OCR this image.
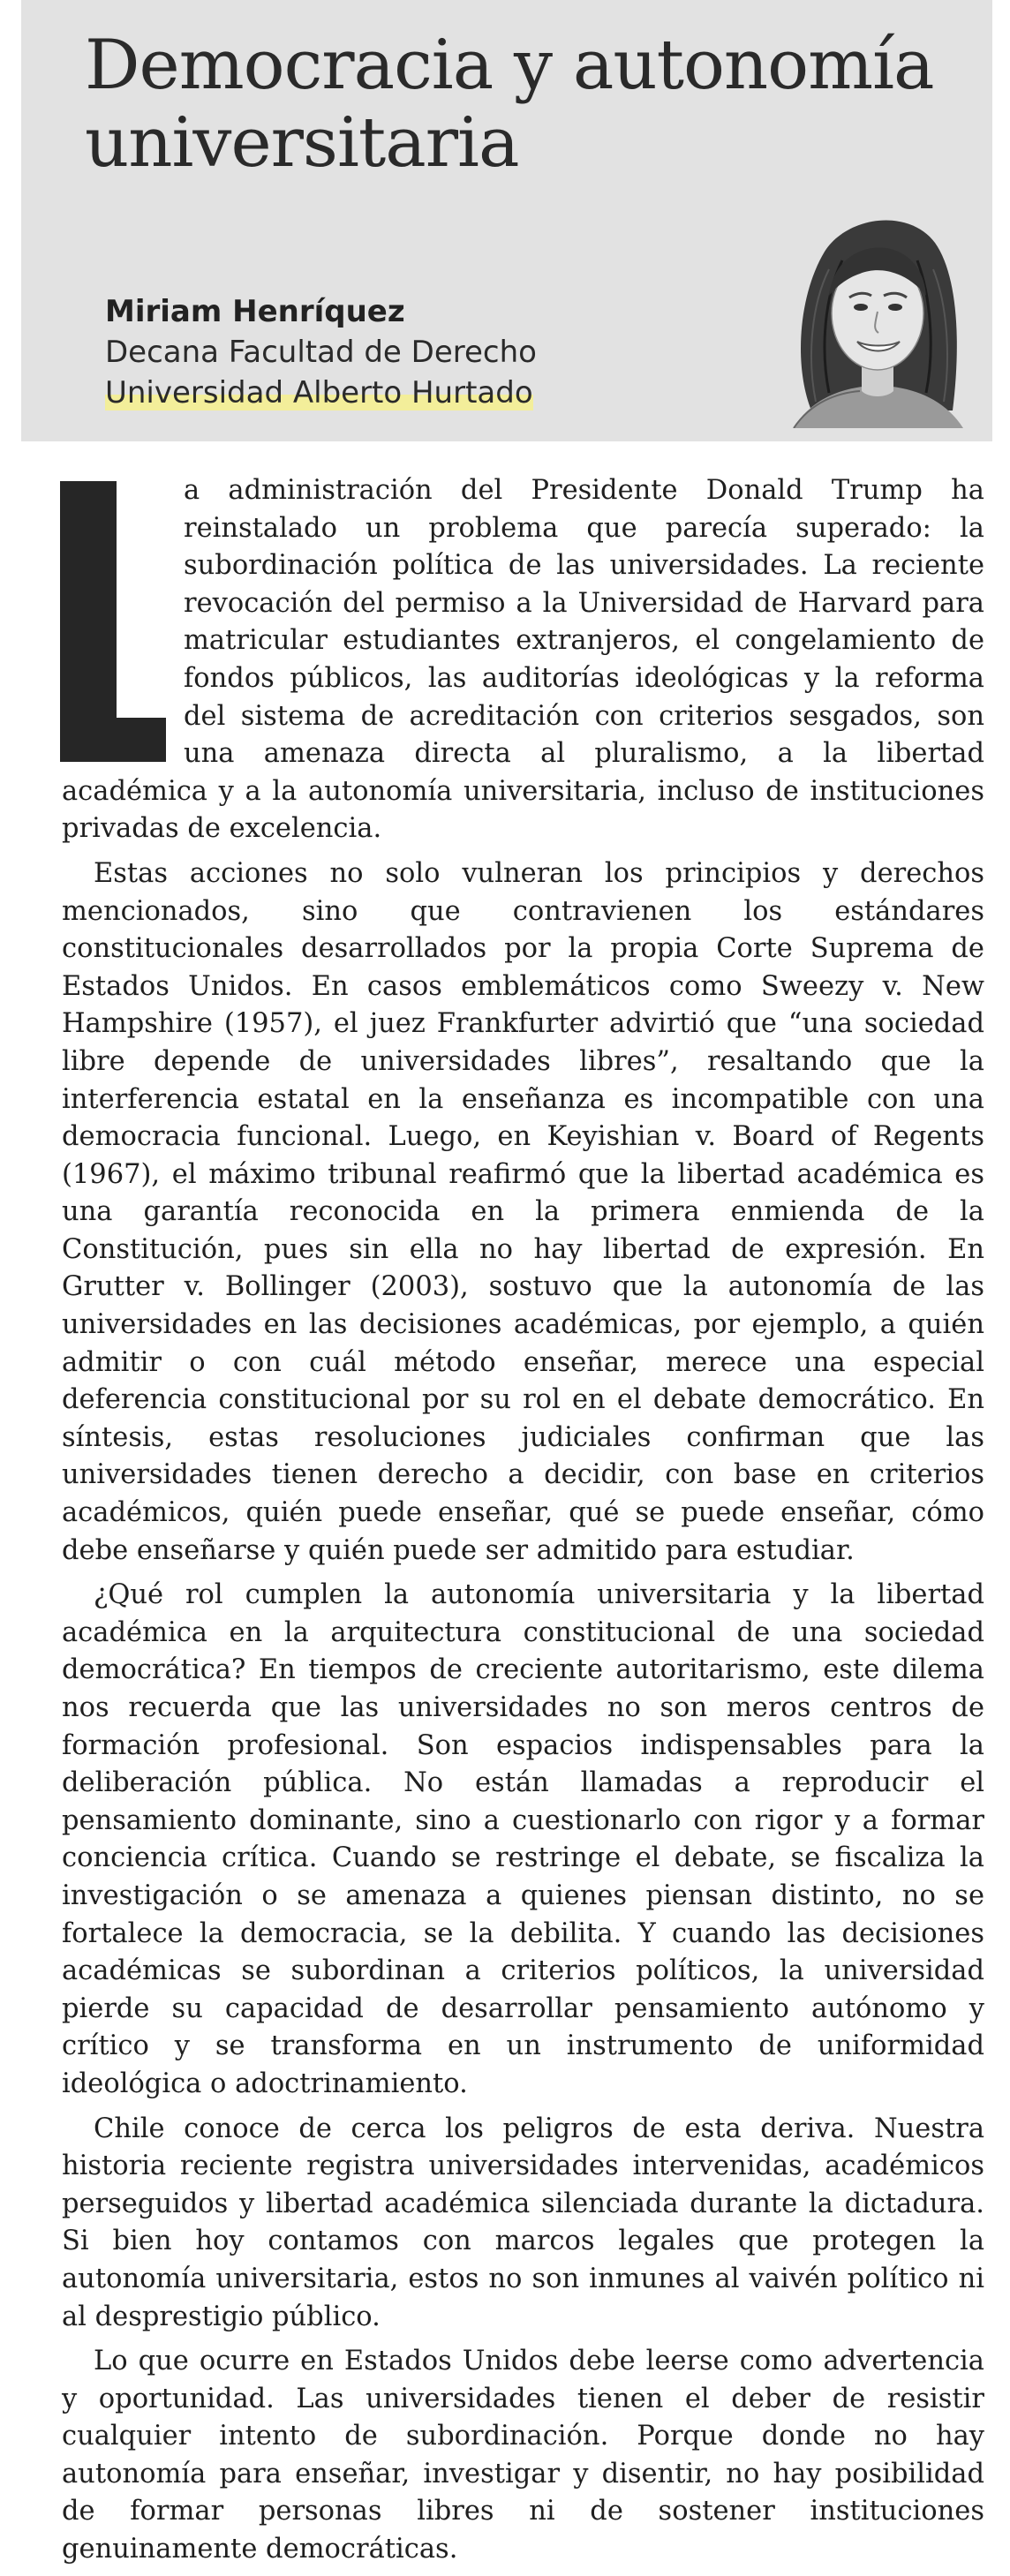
Democracia y autonomía
universitaria
Miriam Henríquez
Decana Facultad de Derecho
Universidad Alberto Hurtado

a administración del Presidente Donald Trump ha reinstalado un problema que parecía superado: la subordinación política de las universidades. La reciente revocación del permiso a la Universidad de Harvard para matricular estudiantes extranjeros, el congelamiento de fondos públicos, las auditorías ideológicas y la reforma del sistema de acreditación con criterios sesgados, son una amenaza directa al pluralismo, a la libertad académica y a la autonomía universitaria, incluso de instituciones privadas de excelencia.

Estas acciones no solo vulneran los principios y derechos mencionados, sino que contravienen los estándares constitucionales desarrollados por la propia Corte Suprema de Estados Unidos. En casos emblemáticos como Sweezy v. New Hampshire (1957), el juez Frankfurter advirtió que “una sociedad libre depende de universidades libres”, resaltando que la interferencia estatal en la enseñanza es incompatible con una democracia funcional. Luego, en Keyishian v. Board of Regents (1967), el máximo tribunal reafirmó que la libertad académica es una garantía reconocida en la primera enmienda de la Constitución, pues sin ella no hay libertad de expresión. En Grutter v. Bollinger (2003), sostuvo que la autonomía de las universidades en las decisiones académicas, por ejemplo, a quién admitir o con cuál método enseñar, merece una especial deferencia constitucional por su rol en el debate democrático. En síntesis, estas resoluciones judiciales confirman que las universidades tienen derecho a decidir, con base en criterios académicos, quién puede enseñar, qué se puede enseñar, cómo debe enseñarse y quién puede ser admitido para estudiar.

¿Qué rol cumplen la autonomía universitaria y la libertad académica en la arquitectura constitucional de una sociedad democrática? En tiempos de creciente autoritarismo, este dilema nos recuerda que las universidades no son meros centros de formación profesional. Son espacios indispensables para la deliberación pública. No están llamadas a reproducir el pensamiento dominante, sino a cuestionarlo con rigor y a formar conciencia crítica. Cuando se restringe el debate, se fiscaliza la investigación o se amenaza a quienes piensan distinto, no se fortalece la democracia, se la debilita. Y cuando las decisiones académicas se subordinan a criterios políticos, la universidad pierde su capacidad de desarrollar pensamiento autónomo y crítico y se transforma en un instrumento de uniformidad ideológica o adoctrinamiento.

Chile conoce de cerca los peligros de esta deriva. Nuestra historia reciente registra universidades intervenidas, académicos perseguidos y libertad académica silenciada durante la dictadura. Si bien hoy contamos con marcos legales que protegen la autonomía universitaria, estos no son inmunes al vaivén político ni al desprestigio público.

Lo que ocurre en Estados Unidos debe leerse como advertencia y oportunidad. Las universidades tienen el deber de resistir cualquier intento de subordinación. Porque donde no hay autonomía para enseñar, investigar y disentir, no hay posibilidad de formar personas libres ni de sostener instituciones genuinamente democráticas.
